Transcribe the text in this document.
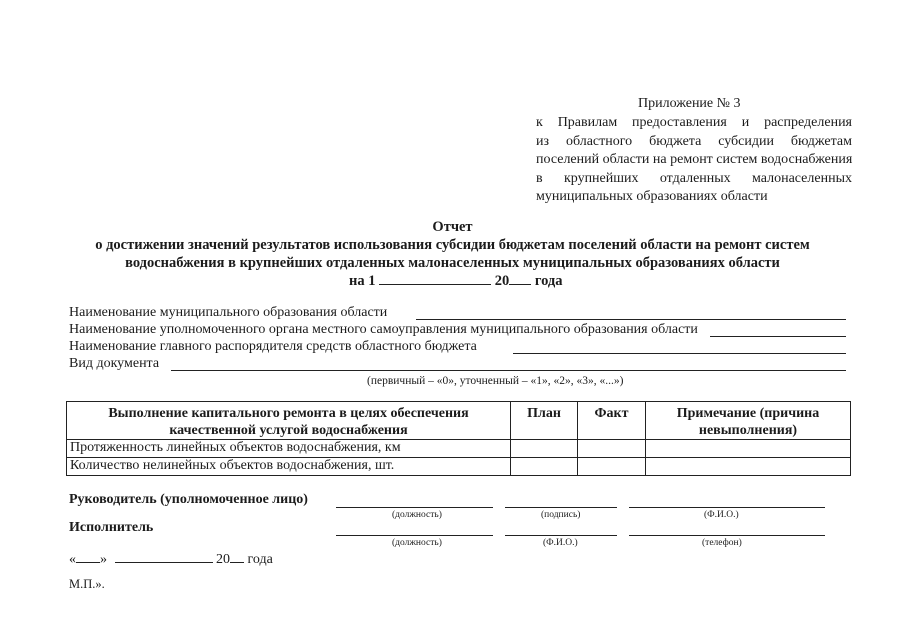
Приложение № 3
к Правилам предоставления и распределения
из областного бюджета субсидии бюджетам
поселений области на ремонт систем водоснабжения
в крупнейших отдаленных малонаселенных
муниципальных образованиях области
Отчет
о достижении значений результатов использования субсидии бюджетам поселений области на ремонт систем
водоснабжения в крупнейших отдаленных малонаселенных муниципальных образованиях области
на 1	20 года
Наименование муниципального образования области
Наименование уполномоченного органа местного самоуправления муниципального образования области
Наименование главного распорядителя средств областного бюджета
Вид документа
(первичный – «0», уточненный – «1», «2», «3», «...»)
Выполнение капитального ремонта в целях обеспечения качественной услугой водоснабжения	План	Факт	Примечание (причина невыполнения)
Протяженность линейных объектов водоснабжения, км			
Количество нелинейных объектов водоснабжения, шт.			
Руководитель (уполномоченное лицо)
(должность)	(подпись)	(Ф.И.О.)
Исполнитель
(должность)	(Ф.И.О.)	(телефон)
« »	20 года
М.П.».
